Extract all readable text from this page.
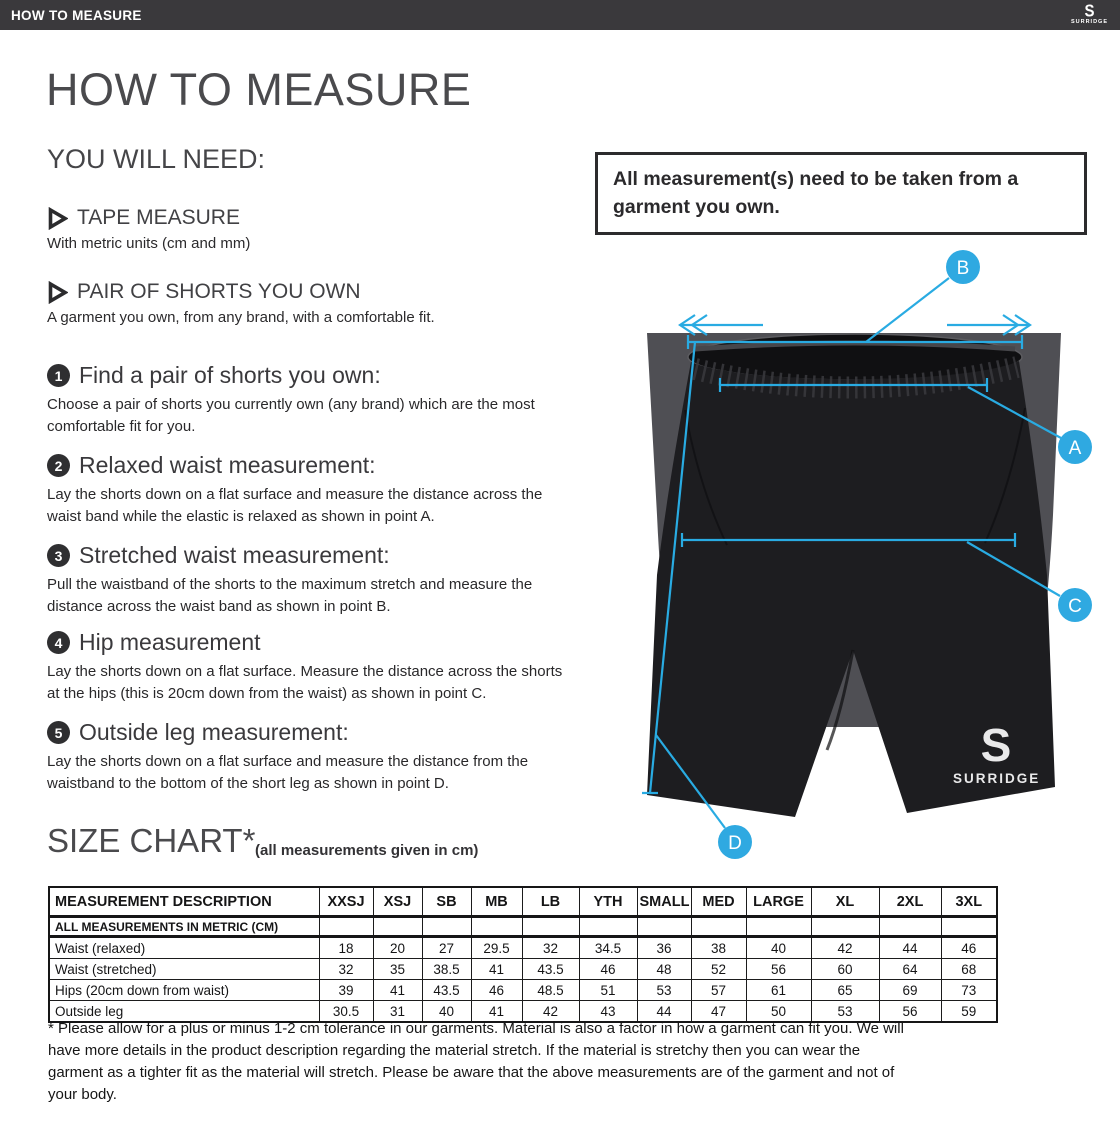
HOW TO MEASURE	S
SURRIDGE
HOW TO MEASURE
YOU WILL NEED:
TAPE MEASURE
With metric units (cm and mm)
PAIR OF SHORTS YOU OWN
A garment you own, from any brand, with a comfortable fit.
1 Find a pair of shorts you own:
Choose a pair of shorts you currently own (any brand) which are the most comfortable fit for you.
2 Relaxed waist measurement:
Lay the shorts down on a flat surface and measure the distance across the waist band while the elastic is relaxed as shown in point A.
3 Stretched waist measurement:
Pull the waistband of the shorts to the maximum stretch and measure the distance across the waist band as shown in point B.
4 Hip measurement
Lay the shorts down on a flat surface. Measure the distance across the shorts at the hips (this is 20cm down from the waist) as shown in point C.
5 Outside leg measurement:
Lay the shorts down on a flat surface and measure the distance from the waistband to the bottom of the short leg as shown in point D.
All measurement(s) need to be taken from a garment you own.
S
SURRIDGE
B
A
C
D
SIZE CHART* (all measurements given in cm)
MEASUREMENT DESCRIPTION	XXSJ	XSJ	SB	MB	LB	YTH	SMALL	MED	LARGE	XL	2XL	3XL
ALL MEASUREMENTS IN METRIC (CM)												
Waist (relaxed)	18	20	27	29.5	32	34.5	36	38	40	42	44	46
Waist (stretched)	32	35	38.5	41	43.5	46	48	52	56	60	64	68
Hips (20cm down from waist)	39	41	43.5	46	48.5	51	53	57	61	65	69	73
Outside leg	30.5	31	40	41	42	43	44	47	50	53	56	59
* Please allow for a plus or minus 1-2 cm tolerance in our garments. Material is also a factor in how a garment can fit you. We will have more details in the product description regarding the material stretch. If the material is stretchy then you can wear the garment as a tighter fit as the material will stretch. Please be aware that the above measurements are of the garment and not of your body.
